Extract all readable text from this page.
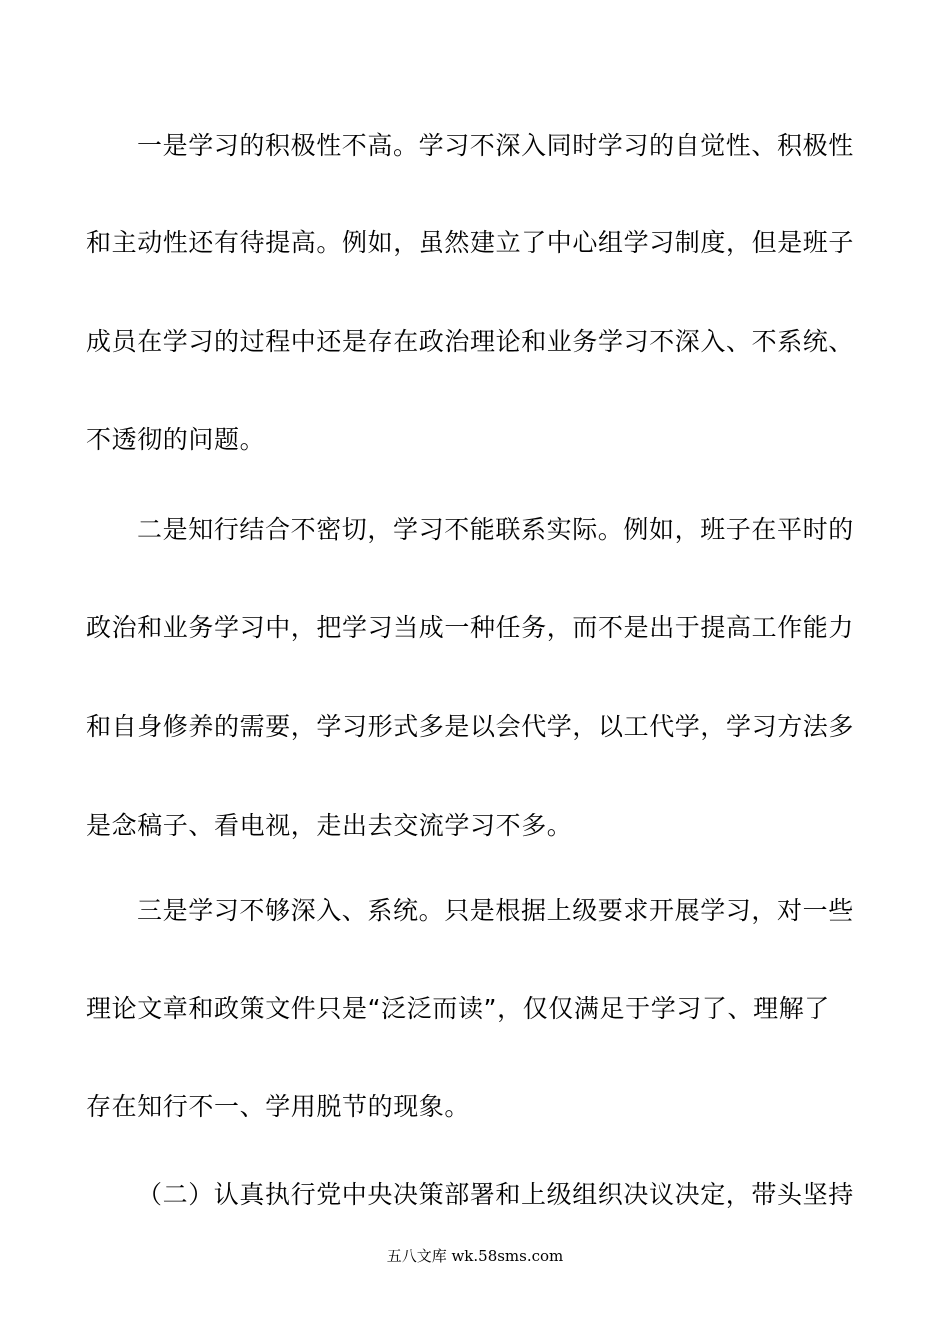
一是学习的积极性不高。学习不深入同时学习的自觉性、积极性
和主动性还有待提高。例如，虽然建立了中心组学习制度，但是班子
成员在学习的过程中还是存在政治理论和业务学习不深入、不系统、
不透彻的问题。
二是知行结合不密切，学习不能联系实际。例如，班子在平时的
政治和业务学习中，把学习当成一种任务，而不是出于提高工作能力
和自身修养的需要，学习形式多是以会代学，以工代学，学习方法多
是念稿子、看电视，走出去交流学习不多。
三是学习不够深入、系统。只是根据上级要求开展学习，对一些
理论文章和政策文件只是“泛泛而读”，仅仅满足于学习了、理解了
存在知行不一、学用脱节的现象。
（二）认真执行党中央决策部署和上级组织决议决定，带头坚持
五八文库 wk.58sms.com
